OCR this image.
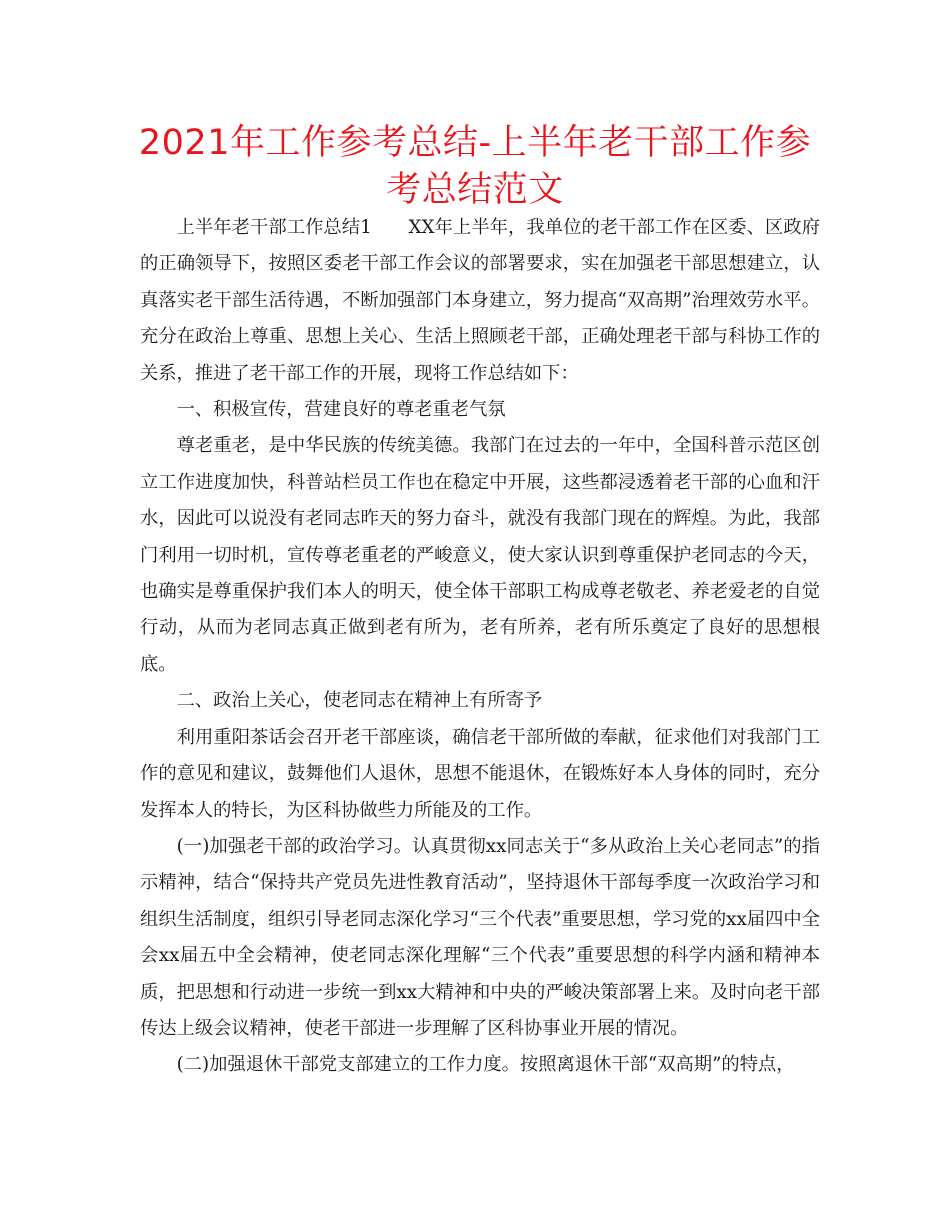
2021年工作参考总结-上半年老干部工作参考总结范文

上半年老干部工作总结1　　XX年上半年，我单位的老干部工作在区委、区政府的正确领导下，按照区委老干部工作会议的部署要求，实在加强老干部思想建立，认真落实老干部生活待遇，不断加强部门本身建立，努力提高“双高期”治理效劳水平。充分在政治上尊重、思想上关心、生活上照顾老干部，正确处理老干部与科协工作的关系，推进了老干部工作的开展，现将工作总结如下：

一、积极宣传，营建良好的尊老重老气氛

尊老重老，是中华民族的传统美德。我部门在过去的一年中，全国科普示范区创立工作进度加快，科普站栏员工作也在稳定中开展，这些都浸透着老干部的心血和汗水，因此可以说没有老同志昨天的努力奋斗，就没有我部门现在的辉煌。为此，我部门利用一切时机，宣传尊老重老的严峻意义，使大家认识到尊重保护老同志的今天，也确实是尊重保护我们本人的明天，使全体干部职工构成尊老敬老、养老爱老的自觉行动，从而为老同志真正做到老有所为，老有所养，老有所乐奠定了良好的思想根底。

二、政治上关心，使老同志在精神上有所寄予

利用重阳茶话会召开老干部座谈，确信老干部所做的奉献，征求他们对我部门工作的意见和建议，鼓舞他们人退休，思想不能退休，在锻炼好本人身体的同时，充分发挥本人的特长，为区科协做些力所能及的工作。

(一)加强老干部的政治学习。认真贯彻xx同志关于“多从政治上关心老同志”的指示精神，结合“保持共产党员先进性教育活动”，坚持退休干部每季度一次政治学习和组织生活制度，组织引导老同志深化学习“三个代表”重要思想，学习党的xx届四中全会xx届五中全会精神，使老同志深化理解“三个代表”重要思想的科学内涵和精神本质，把思想和行动进一步统一到xx大精神和中央的严峻决策部署上来。及时向老干部传达上级会议精神，使老干部进一步理解了区科协事业开展的情况。

(二)加强退休干部党支部建立的工作力度。按照离退休干部“双高期”的特点，
